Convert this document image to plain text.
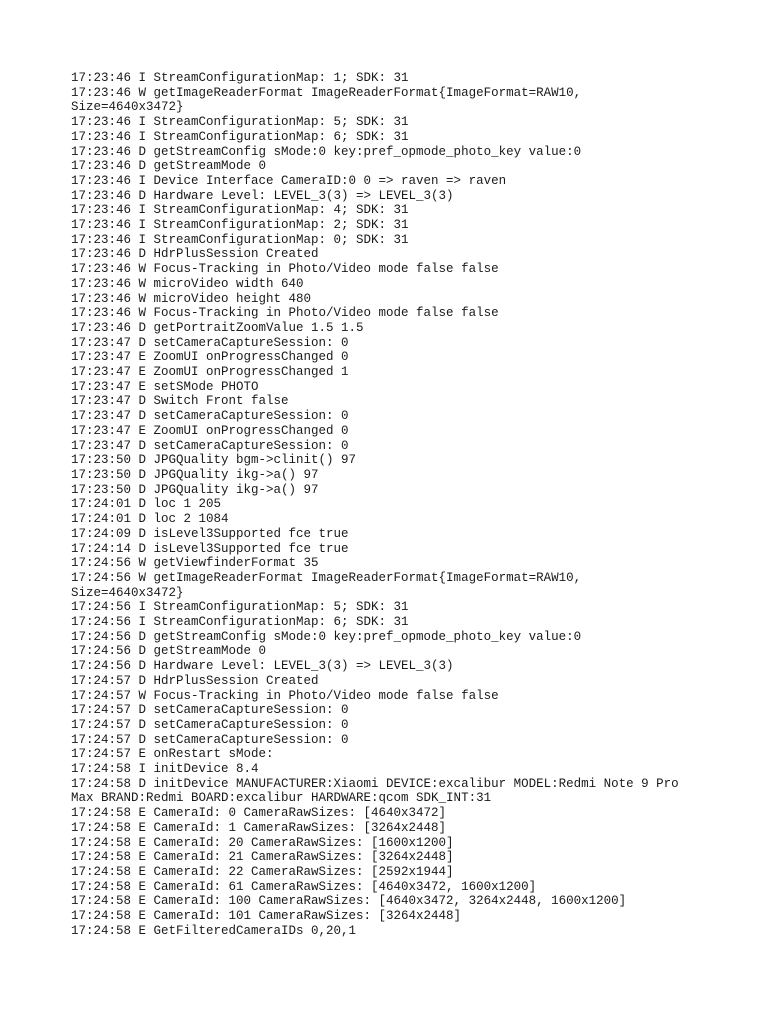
17:23:46 I StreamConfigurationMap: 1; SDK: 31
17:23:46 W getImageReaderFormat ImageReaderFormat{ImageFormat=RAW10,
Size=4640x3472}
17:23:46 I StreamConfigurationMap: 5; SDK: 31
17:23:46 I StreamConfigurationMap: 6; SDK: 31
17:23:46 D getStreamConfig sMode:0 key:pref_opmode_photo_key value:0
17:23:46 D getStreamMode 0
17:23:46 I Device Interface CameraID:0 0 => raven => raven
17:23:46 D Hardware Level: LEVEL_3(3) => LEVEL_3(3)
17:23:46 I StreamConfigurationMap: 4; SDK: 31
17:23:46 I StreamConfigurationMap: 2; SDK: 31
17:23:46 I StreamConfigurationMap: 0; SDK: 31
17:23:46 D HdrPlusSession Created
17:23:46 W Focus-Tracking in Photo/Video mode false false
17:23:46 W microVideo width 640
17:23:46 W microVideo height 480
17:23:46 W Focus-Tracking in Photo/Video mode false false
17:23:46 D getPortraitZoomValue 1.5 1.5
17:23:47 D setCameraCaptureSession: 0
17:23:47 E ZoomUI onProgressChanged 0
17:23:47 E ZoomUI onProgressChanged 1
17:23:47 E setSMode PHOTO
17:23:47 D Switch Front false
17:23:47 D setCameraCaptureSession: 0
17:23:47 E ZoomUI onProgressChanged 0
17:23:47 D setCameraCaptureSession: 0
17:23:50 D JPGQuality bgm->clinit() 97
17:23:50 D JPGQuality ikg->a() 97
17:23:50 D JPGQuality ikg->a() 97
17:24:01 D loc 1 205
17:24:01 D loc 2 1084
17:24:09 D isLevel3Supported fce true
17:24:14 D isLevel3Supported fce true
17:24:56 W getViewfinderFormat 35
17:24:56 W getImageReaderFormat ImageReaderFormat{ImageFormat=RAW10,
Size=4640x3472}
17:24:56 I StreamConfigurationMap: 5; SDK: 31
17:24:56 I StreamConfigurationMap: 6; SDK: 31
17:24:56 D getStreamConfig sMode:0 key:pref_opmode_photo_key value:0
17:24:56 D getStreamMode 0
17:24:56 D Hardware Level: LEVEL_3(3) => LEVEL_3(3)
17:24:57 D HdrPlusSession Created
17:24:57 W Focus-Tracking in Photo/Video mode false false
17:24:57 D setCameraCaptureSession: 0
17:24:57 D setCameraCaptureSession: 0
17:24:57 D setCameraCaptureSession: 0
17:24:57 E onRestart sMode:
17:24:58 I initDevice 8.4
17:24:58 D initDevice MANUFACTURER:Xiaomi DEVICE:excalibur MODEL:Redmi Note 9 Pro
Max BRAND:Redmi BOARD:excalibur HARDWARE:qcom SDK_INT:31
17:24:58 E CameraId: 0 CameraRawSizes: [4640x3472]
17:24:58 E CameraId: 1 CameraRawSizes: [3264x2448]
17:24:58 E CameraId: 20 CameraRawSizes: [1600x1200]
17:24:58 E CameraId: 21 CameraRawSizes: [3264x2448]
17:24:58 E CameraId: 22 CameraRawSizes: [2592x1944]
17:24:58 E CameraId: 61 CameraRawSizes: [4640x3472, 1600x1200]
17:24:58 E CameraId: 100 CameraRawSizes: [4640x3472, 3264x2448, 1600x1200]
17:24:58 E CameraId: 101 CameraRawSizes: [3264x2448]
17:24:58 E GetFilteredCameraIDs 0,20,1
